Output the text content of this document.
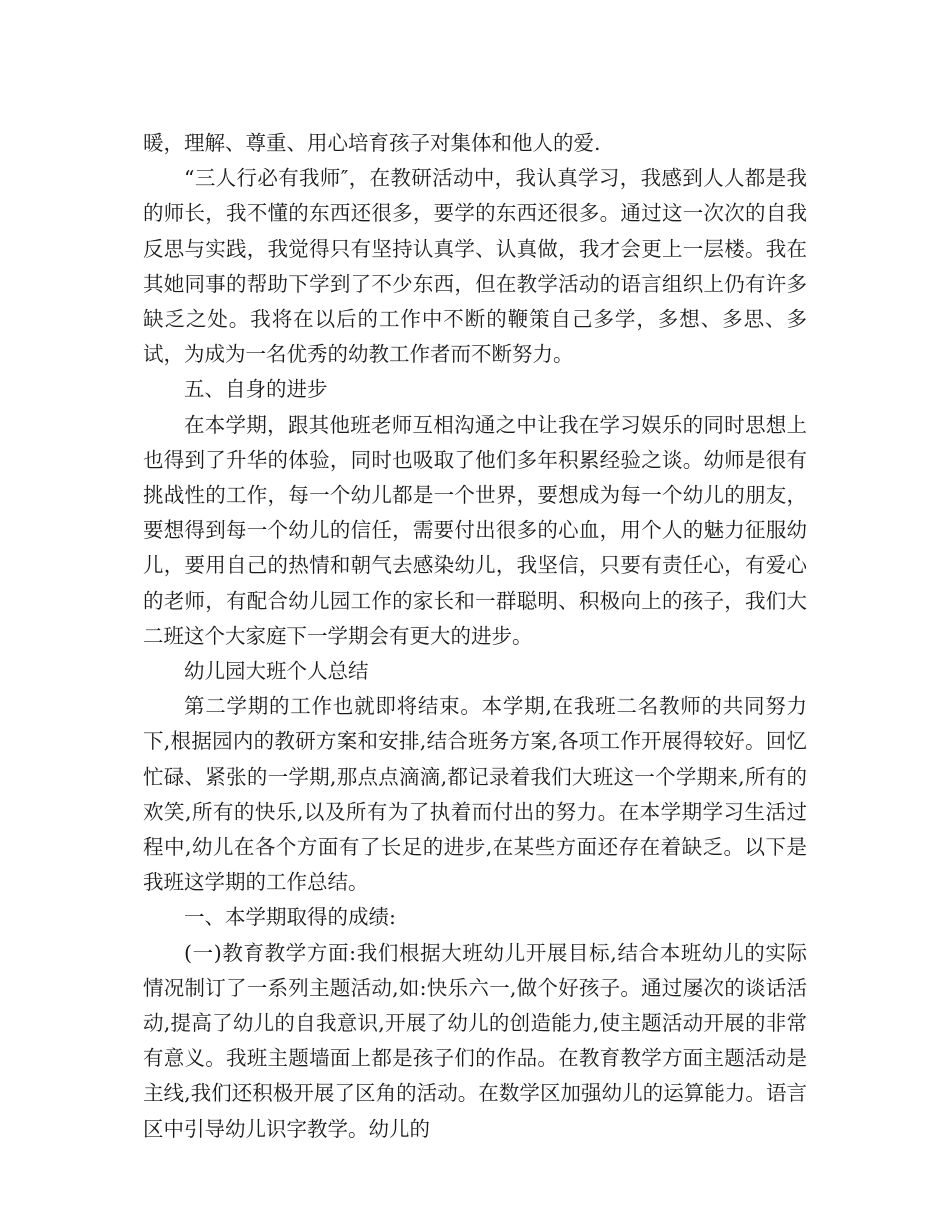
暖，理解、尊重、用心培育孩子对集体和他人的爱.

“三人行必有我师″，在教研活动中，我认真学习，我感到人人都是我的师长，我不懂的东西还很多，要学的东西还很多。通过这一次次的自我反思与实践，我觉得只有坚持认真学、认真做，我才会更上一层楼。我在其她同事的帮助下学到了不少东西，但在教学活动的语言组织上仍有许多缺乏之处。我将在以后的工作中不断的鞭策自己多学，多想、多思、多试，为成为一名优秀的幼教工作者而不断努力。

五、自身的进步

在本学期，跟其他班老师互相沟通之中让我在学习娱乐的同时思想上也得到了升华的体验，同时也吸取了他们多年积累经验之谈。幼师是很有挑战性的工作，每一个幼儿都是一个世界，要想成为每一个幼儿的朋友，要想得到每一个幼儿的信任，需要付出很多的心血，用个人的魅力征服幼儿，要用自己的热情和朝气去感染幼儿，我坚信，只要有责任心，有爱心的老师，有配合幼儿园工作的家长和一群聪明、积极向上的孩子，我们大二班这个大家庭下一学期会有更大的进步。

幼儿园大班个人总结

第二学期的工作也就即将结束。本学期,在我班二名教师的共同努力下,根据园内的教研方案和安排,结合班务方案,各项工作开展得较好。回忆忙碌、紧张的一学期,那点点滴滴,都记录着我们大班这一个学期来,所有的欢笑,所有的快乐,以及所有为了执着而付出的努力。在本学期学习生活过程中,幼儿在各个方面有了长足的进步,在某些方面还存在着缺乏。以下是我班这学期的工作总结。

一、本学期取得的成绩:

(一)教育教学方面:我们根据大班幼儿开展目标,结合本班幼儿的实际情况制订了一系列主题活动,如:快乐六一,做个好孩子。通过屡次的谈话活动,提高了幼儿的自我意识,开展了幼儿的创造能力,使主题活动开展的非常有意义。我班主题墙面上都是孩子们的作品。在教育教学方面主题活动是主线,我们还积极开展了区角的活动。在数学区加强幼儿的运算能力。语言区中引导幼儿识字教学。幼儿的
